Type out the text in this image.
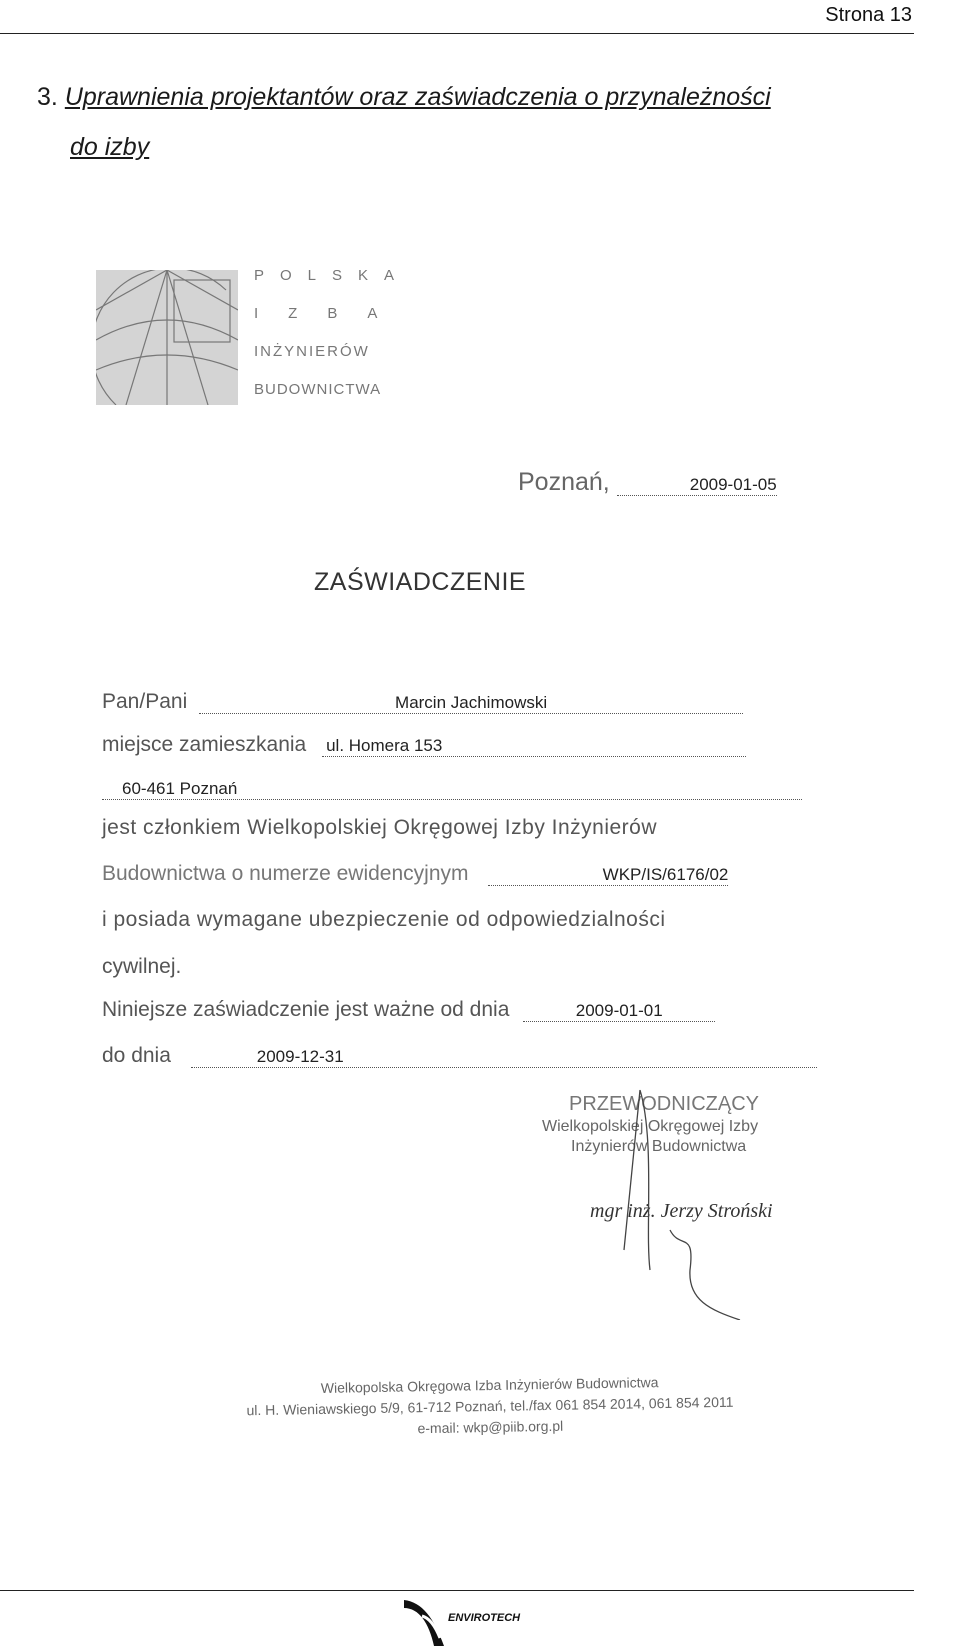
Strona 13
3. Uprawnienia projektantów oraz zaświadczenia o przynależności
do izby
POLSKA
IZBA
INŻYNIERÓW
BUDOWNICTWA
Poznań,	2009-01-05
ZAŚWIADCZENIE
Pan/Pani	Marcin Jachimowski
miejsce zamieszkania ul. Homera 153
60-461 Poznań
jest członkiem Wielkopolskiej Okręgowej Izby Inżynierów
Budownictwa o numerze ewidencyjnym	WKP/IS/6176/02
i posiada wymagane ubezpieczenie od odpowiedzialności
cywilnej.
Niniejsze zaświadczenie jest ważne od dnia	2009-01-01
do dnia	2009-12-31
PRZEWODNICZĄCY
Wielkopolskiej Okręgowej Izby
Inżynierów Budownictwa
mgr inż. Jerzy Stroński
Wielkopolska Okręgowa Izba Inżynierów Budownictwa
ul. H. Wieniawskiego 5/9, 61-712 Poznań, tel./fax 061 854 2014, 061 854 2011
e-mail: wkp@piib.org.pl
ENVIROTECH
